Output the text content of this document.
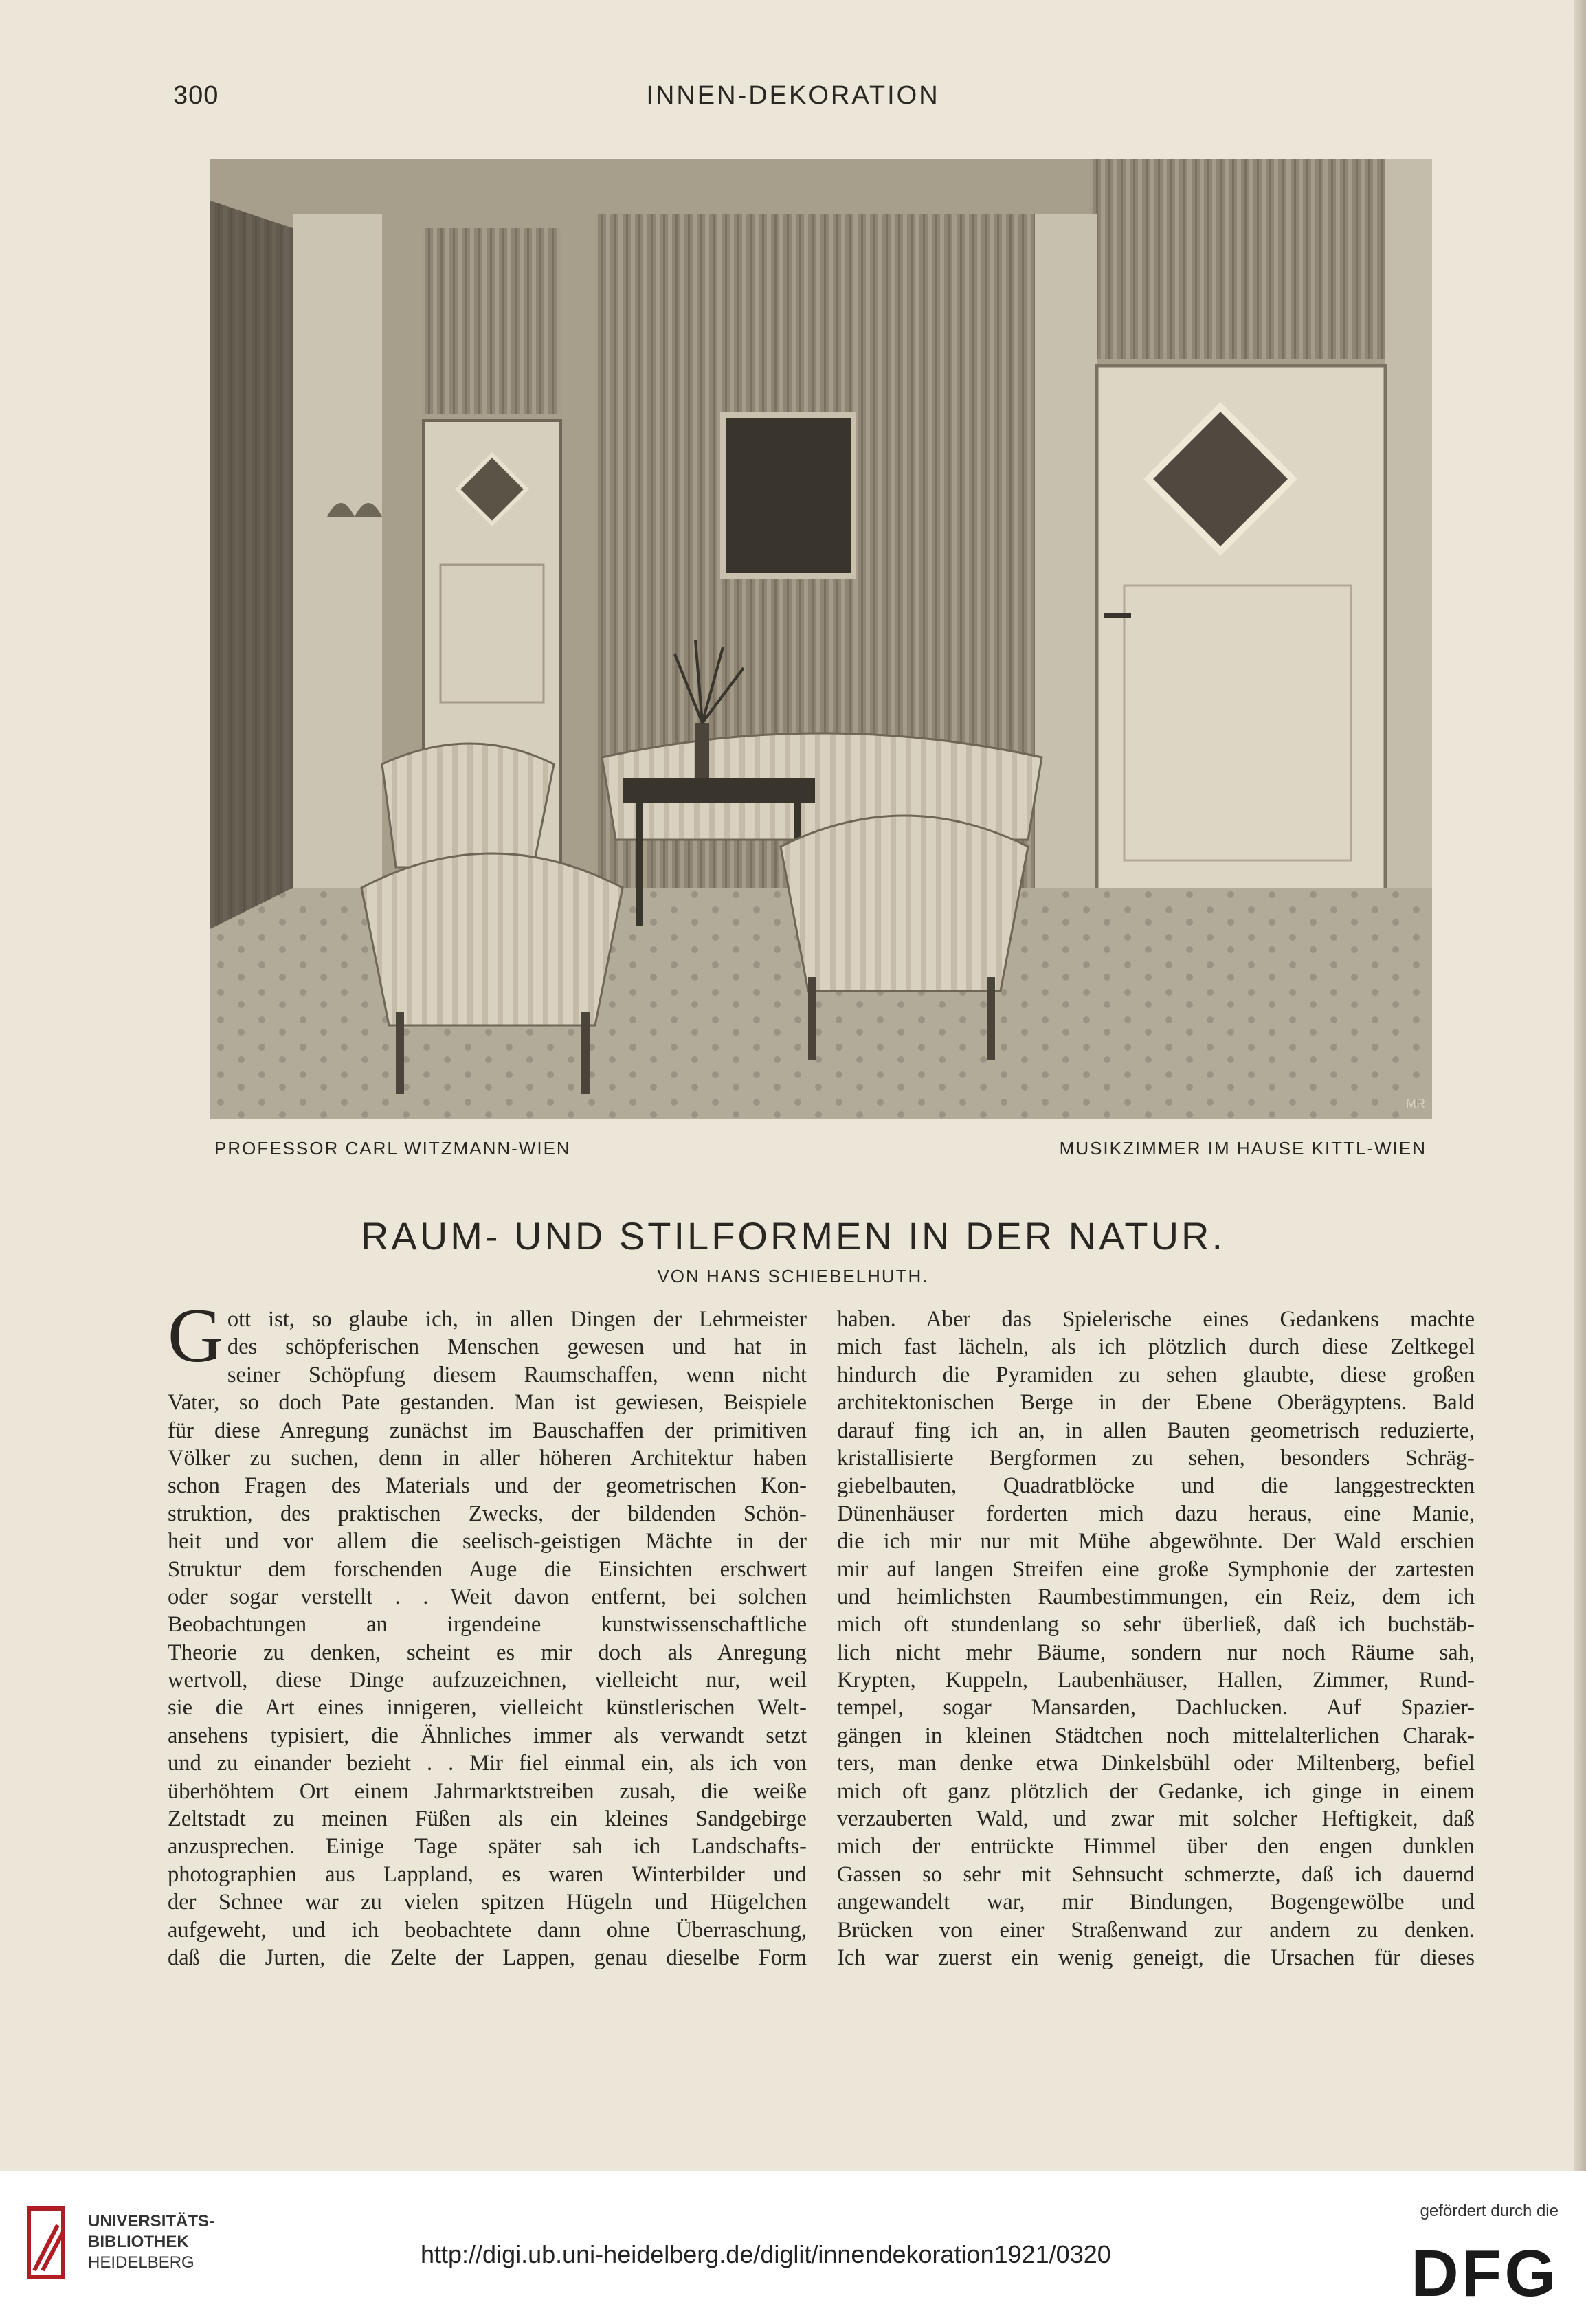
300	INNEN-DEKORATION
MR
PROFESSOR CARL WITZMANN-WIEN	MUSIKZIMMER IM HAUSE KITTL-WIEN
RAUM- UND STILFORMEN IN DER NATUR.
VON HANS SCHIEBELHUTH.
G ott ist, so glaube ich, in allen Dingen der Lehrmeister
des schöpferischen Menschen gewesen und hat in
seiner Schöpfung diesem Raumschaffen, wenn nicht
Vater, so doch Pate gestanden. Man ist gewiesen, Beispiele
für diese Anregung zunächst im Bauschaffen der primitiven
Völker zu suchen, denn in aller höheren Architektur haben
schon Fragen des Materials und der geometrischen Kon-
struktion, des praktischen Zwecks, der bildenden Schön-
heit und vor allem die seelisch-geistigen Mächte in der
Struktur dem forschenden Auge die Einsichten erschwert
oder sogar verstellt . . Weit davon entfernt, bei solchen
Beobachtungen an irgendeine kunstwissenschaftliche
Theorie zu denken, scheint es mir doch als Anregung
wertvoll, diese Dinge aufzuzeichnen, vielleicht nur, weil
sie die Art eines innigeren, vielleicht künstlerischen Welt-
ansehens typisiert, die Ähnliches immer als verwandt setzt
und zu einander bezieht . . Mir fiel einmal ein, als ich von
überhöhtem Ort einem Jahrmarktstreiben zusah, die weiße
Zeltstadt zu meinen Füßen als ein kleines Sandgebirge
anzusprechen. Einige Tage später sah ich Landschafts-
photographien aus Lappland, es waren Winterbilder und
der Schnee war zu vielen spitzen Hügeln und Hügelchen
aufgeweht, und ich beobachtete dann ohne Überraschung,
daß die Jurten, die Zelte der Lappen, genau dieselbe Form
haben. Aber das Spielerische eines Gedankens machte
mich fast lächeln, als ich plötzlich durch diese Zeltkegel
hindurch die Pyramiden zu sehen glaubte, diese großen
architektonischen Berge in der Ebene Oberägyptens. Bald
darauf fing ich an, in allen Bauten geometrisch reduzierte,
kristallisierte Bergformen zu sehen, besonders Schräg-
giebelbauten, Quadratblöcke und die langgestreckten
Dünenhäuser forderten mich dazu heraus, eine Manie,
die ich mir nur mit Mühe abgewöhnte. Der Wald erschien
mir auf langen Streifen eine große Symphonie der zartesten
und heimlichsten Raumbestimmungen, ein Reiz, dem ich
mich oft stundenlang so sehr überließ, daß ich buchstäb-
lich nicht mehr Bäume, sondern nur noch Räume sah,
Krypten, Kuppeln, Laubenhäuser, Hallen, Zimmer, Rund-
tempel, sogar Mansarden, Dachlucken. Auf Spazier-
gängen in kleinen Städtchen noch mittelalterlichen Charak-
ters, man denke etwa Dinkelsbühl oder Miltenberg, befiel
mich oft ganz plötzlich der Gedanke, ich ginge in einem
verzauberten Wald, und zwar mit solcher Heftigkeit, daß
mich der entrückte Himmel über den engen dunklen
Gassen so sehr mit Sehnsucht schmerzte, daß ich dauernd
angewandelt war, mir Bindungen, Bogengewölbe und
Brücken von einer Straßenwand zur andern zu denken.
Ich war zuerst ein wenig geneigt, die Ursachen für dieses
UNIVERSITÄTS-
BIBLIOTHEK
HEIDELBERG	http://digi.ub.uni-heidelberg.de/diglit/innendekoration1921/0320
gefördert durch die
DFG
